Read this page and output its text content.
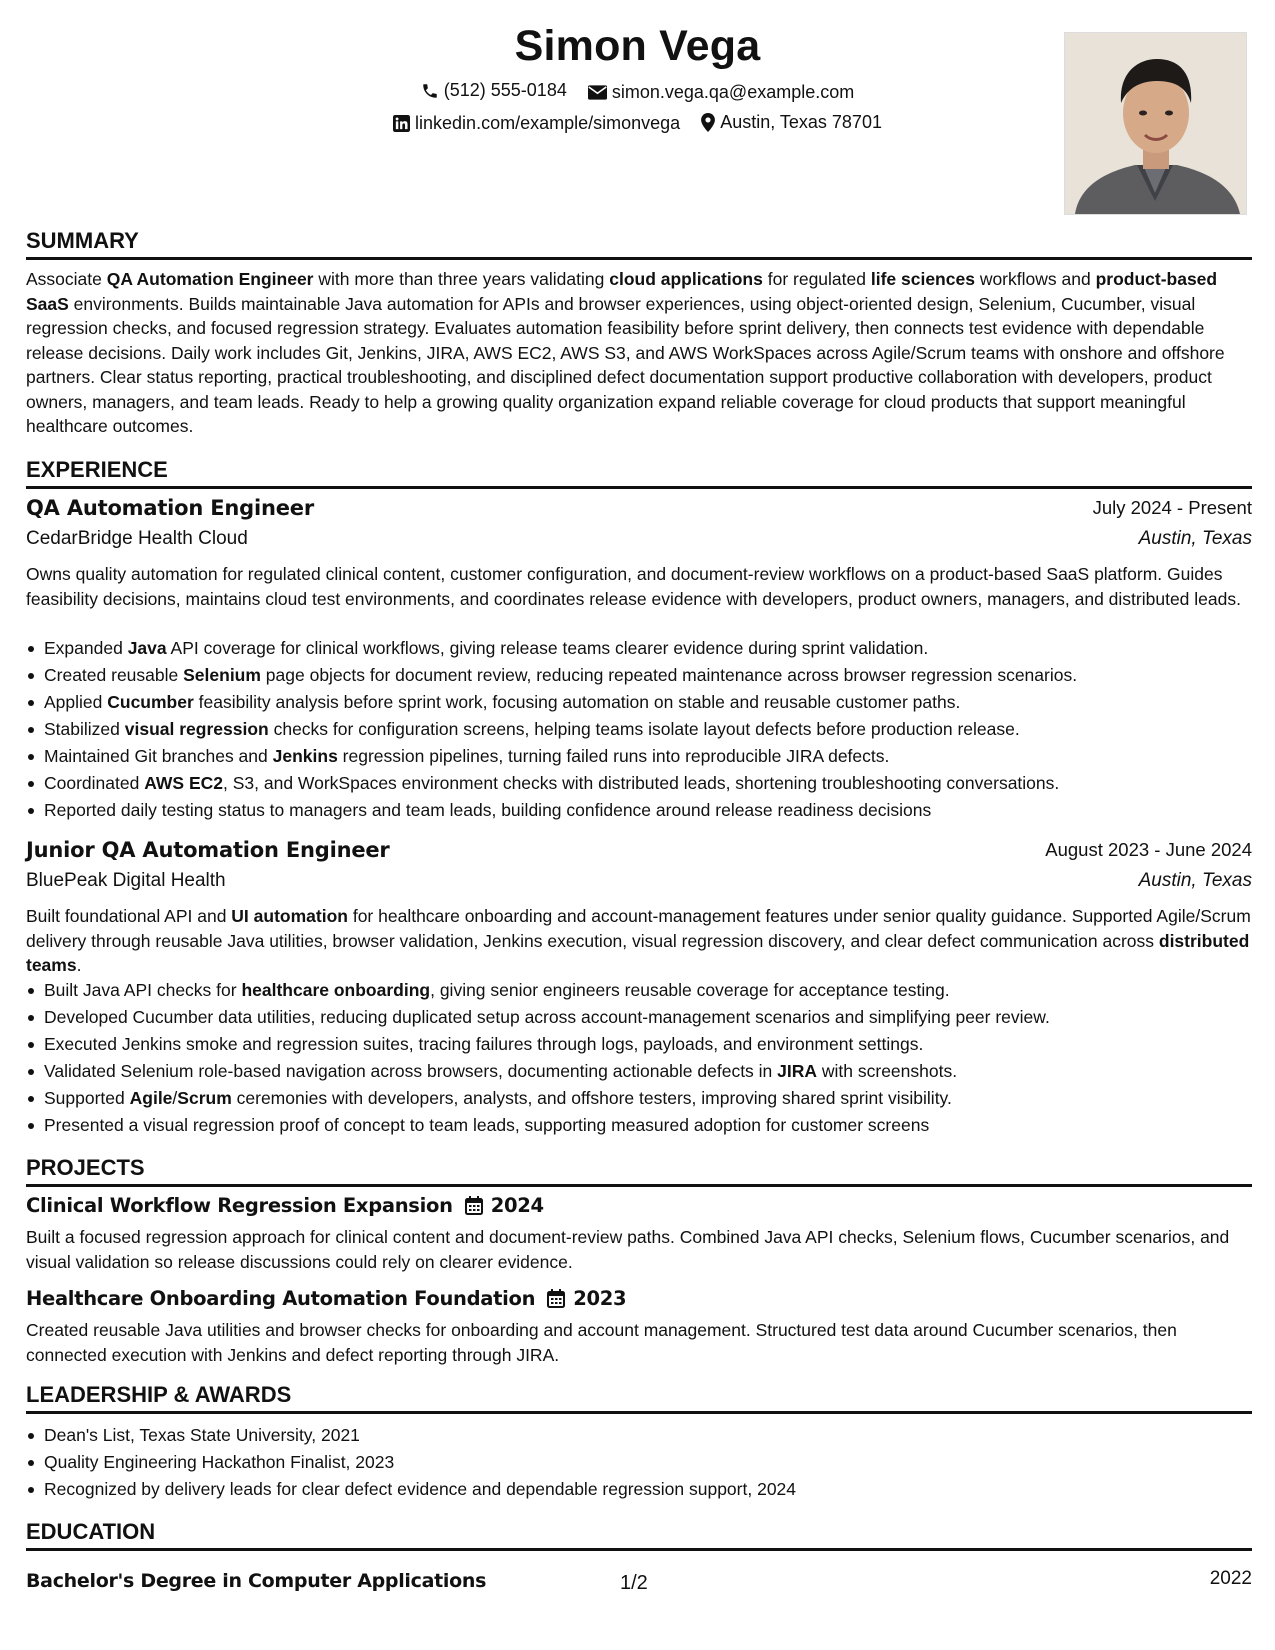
Simon Vega
(512) 555-0184
	simon.vega.qa@example.com
linkedin.com/example/simonvega
Austin, Texas 78701
SUMMARY
Associate QA Automation Engineer with more than three years validating cloud applications for regulated life sciences workflows and product-based SaaS environments. Builds maintainable Java automation for APIs and browser experiences, using object-oriented design, Selenium, Cucumber, visual regression checks, and focused regression strategy. Evaluates automation feasibility before sprint delivery, then connects test evidence with dependable release decisions. Daily work includes Git, Jenkins, JIRA, AWS EC2, AWS S3, and AWS WorkSpaces across Agile/Scrum teams with onshore and offshore partners. Clear status reporting, practical troubleshooting, and disciplined defect documentation support productive collaboration with developers, product owners, managers, and team leads. Ready to help a growing quality organization expand reliable coverage for cloud products that support meaningful healthcare outcomes.
EXPERIENCE
QA Automation Engineer	July 2024 - Present
CedarBridge Health Cloud	Austin, Texas
Owns quality automation for regulated clinical content, customer configuration, and document-review workflows on a product-based SaaS platform. Guides feasibility decisions, maintains cloud test environments, and coordinates release evidence with developers, product owners, managers, and distributed leads.
Expanded Java API coverage for clinical workflows, giving release teams clearer evidence during sprint validation.
Created reusable Selenium page objects for document review, reducing repeated maintenance across browser regression scenarios.
Applied Cucumber feasibility analysis before sprint work, focusing automation on stable and reusable customer paths.
Stabilized visual regression checks for configuration screens, helping teams isolate layout defects before production release.
Maintained Git branches and Jenkins regression pipelines, turning failed runs into reproducible JIRA defects.
Coordinated AWS EC2, S3, and WorkSpaces environment checks with distributed leads, shortening troubleshooting conversations.
Reported daily testing status to managers and team leads, building confidence around release readiness decisions
Junior QA Automation Engineer	August 2023 - June 2024
BluePeak Digital Health	Austin, Texas
Built foundational API and UI automation for healthcare onboarding and account-management features under senior quality guidance. Supported Agile/Scrum delivery through reusable Java utilities, browser validation, Jenkins execution, visual regression discovery, and clear defect communication across distributed teams.
Built Java API checks for healthcare onboarding, giving senior engineers reusable coverage for acceptance testing.
Developed Cucumber data utilities, reducing duplicated setup across account-management scenarios and simplifying peer review.
Executed Jenkins smoke and regression suites, tracing failures through logs, payloads, and environment settings.
Validated Selenium role-based navigation across browsers, documenting actionable defects in JIRA with screenshots.
Supported Agile/Scrum ceremonies with developers, analysts, and offshore testers, improving shared sprint visibility.
Presented a visual regression proof of concept to team leads, supporting measured adoption for customer screens
PROJECTS
Clinical Workflow Regression Expansion 2024
Built a focused regression approach for clinical content and document-review paths. Combined Java API checks, Selenium flows, Cucumber scenarios, and visual validation so release discussions could rely on clearer evidence.
Healthcare Onboarding Automation Foundation 2023
Created reusable Java utilities and browser checks for onboarding and account management. Structured test data around Cucumber scenarios, then connected execution with Jenkins and defect reporting through JIRA.
LEADERSHIP & AWARDS
Dean's List, Texas State University, 2021
Quality Engineering Hackathon Finalist, 2023
Recognized by delivery leads for clear defect evidence and dependable regression support, 2024
EDUCATION
Bachelor's Degree in Computer Applications	2022
1/2
